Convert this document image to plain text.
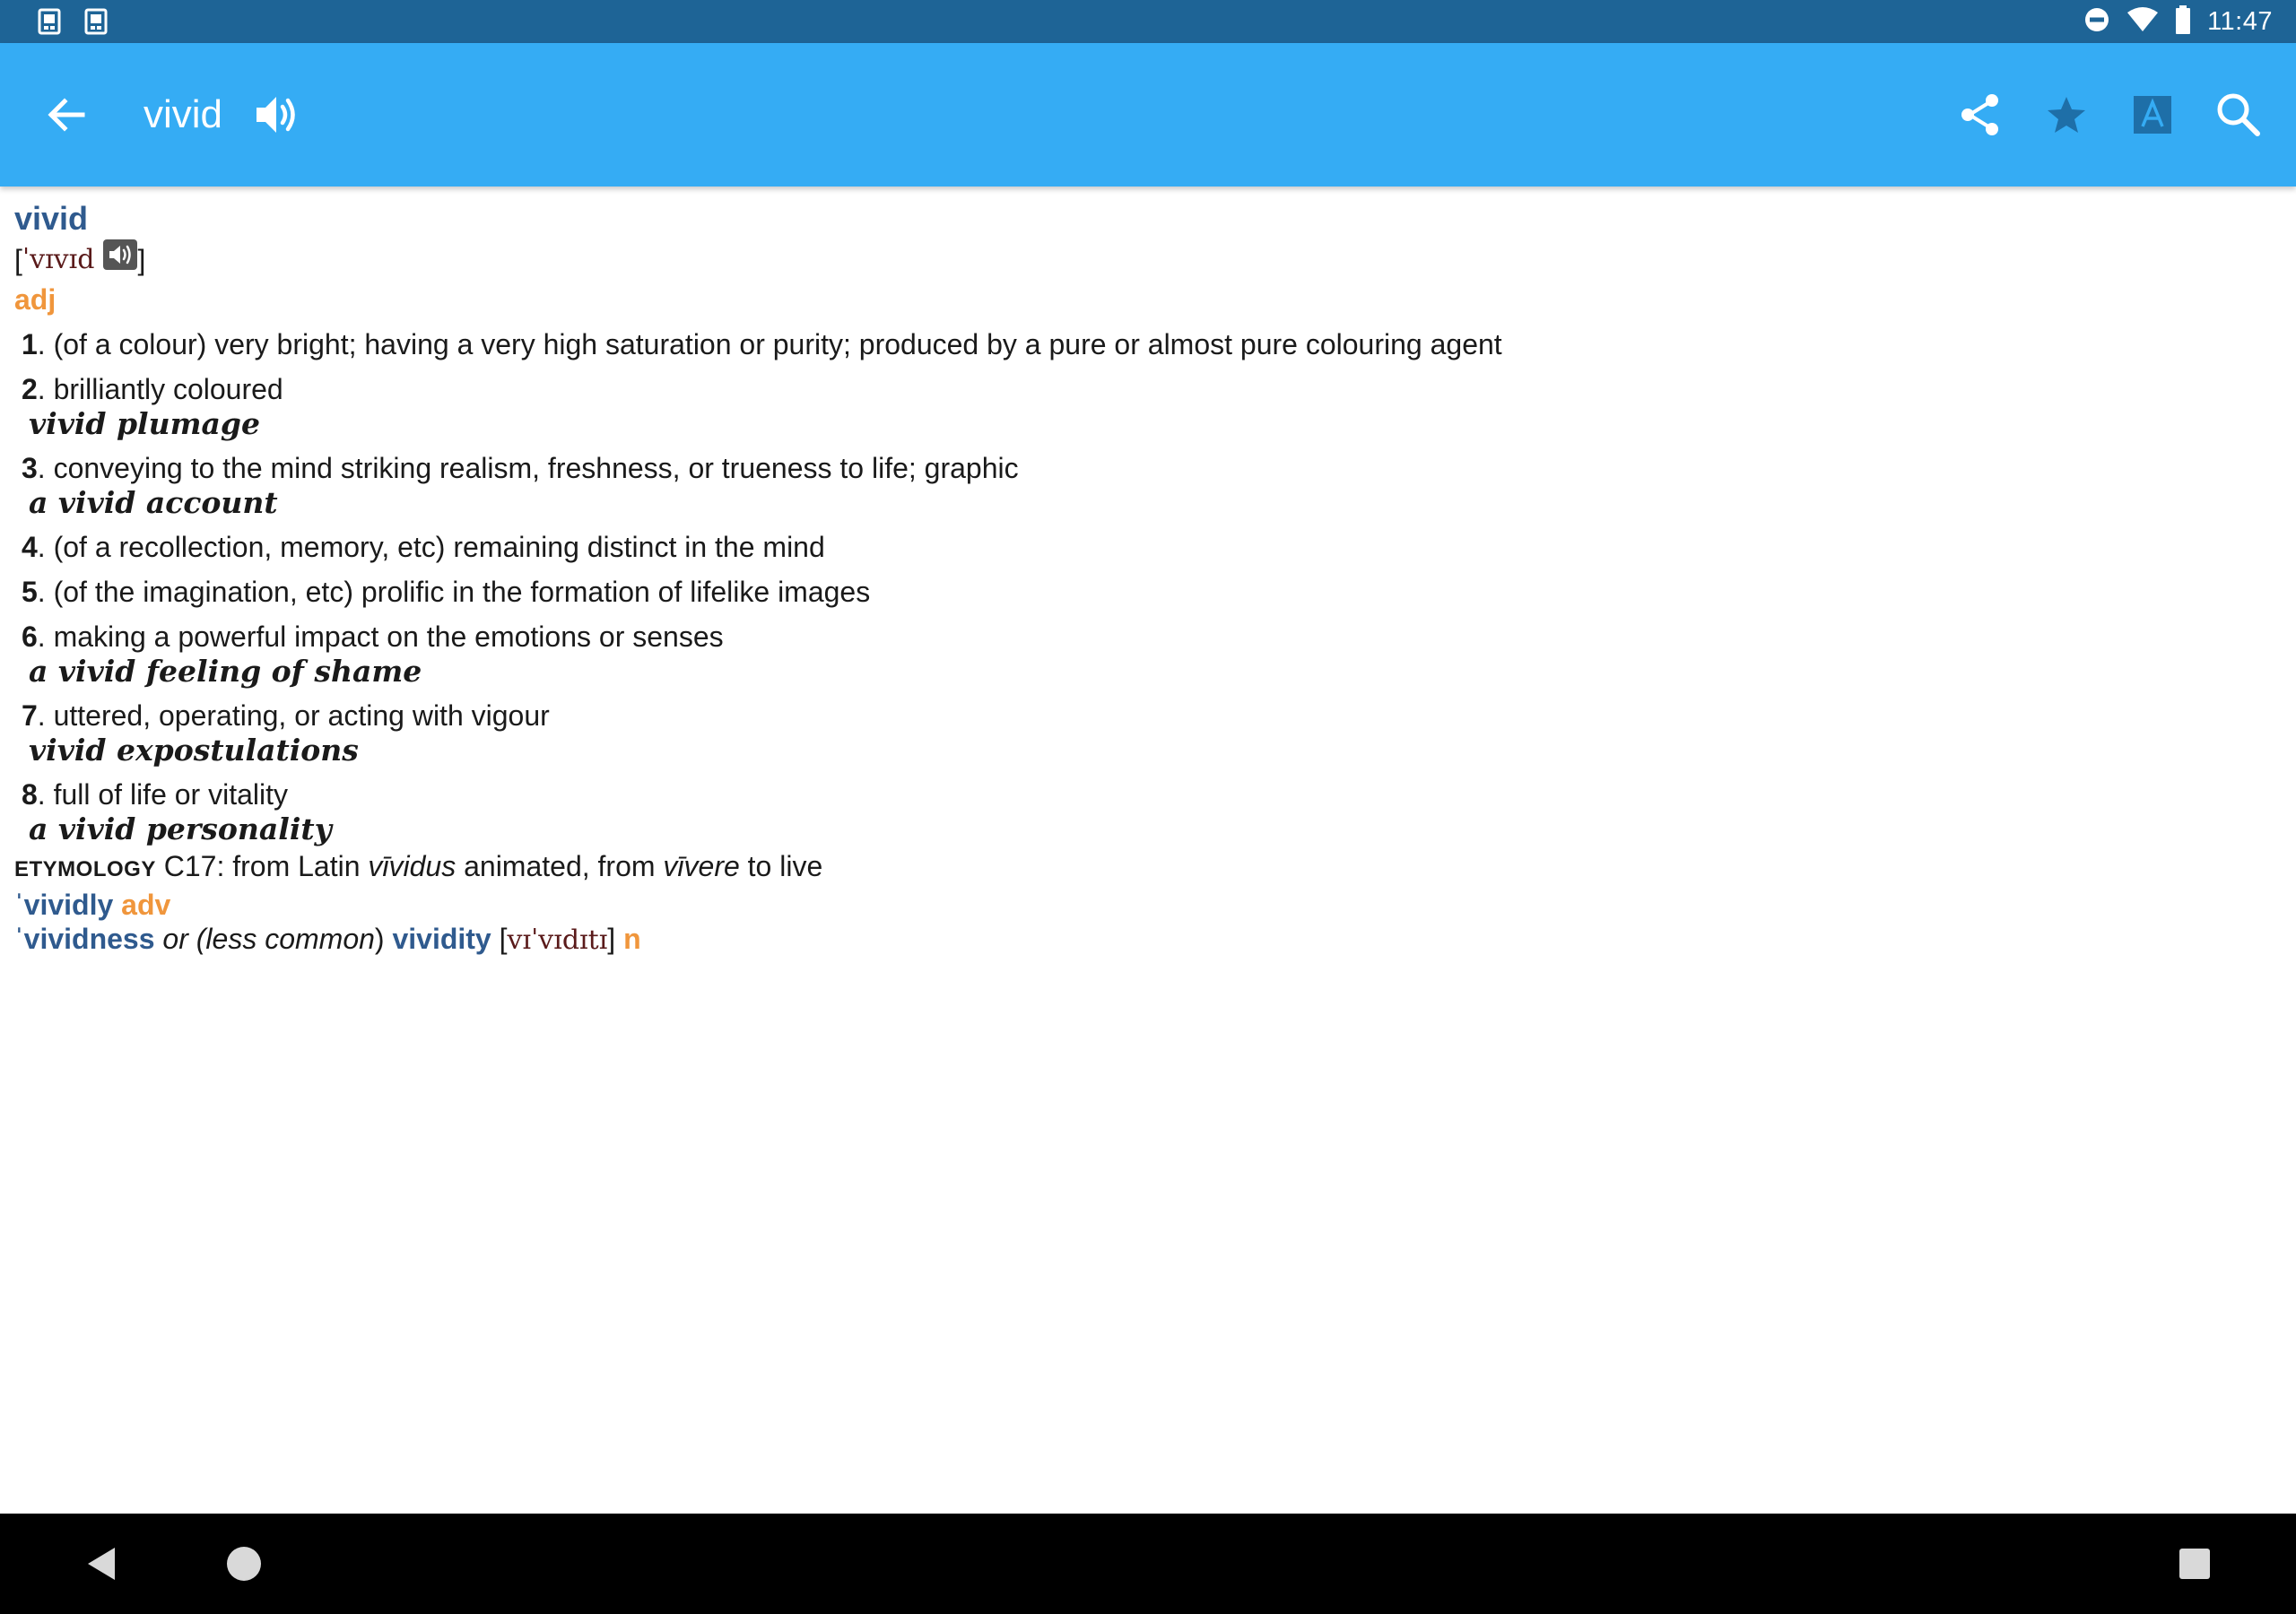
11:47
vivid
vivid
[ ˈvɪvɪd ]
adj
1. (of a colour) very bright; having a very high saturation or purity; produced by a pure or almost pure colouring agent
2. brilliantly coloured
vivid plumage
3. conveying to the mind striking realism, freshness, or trueness to life; graphic
a vivid account
4. (of a recollection, memory, etc) remaining distinct in the mind
5. (of the imagination, etc) prolific in the formation of lifelike images
6. making a powerful impact on the emotions or senses
a vivid feeling of shame
7. uttered, operating, or acting with vigour
vivid expostulations
8. full of life or vitality
a vivid personality
ETYMOLOGY C17: from Latin vīvidus animated, from vīvere to live
ˈvividly adv
ˈvividness or (less common) vividity [vɪˈvɪdɪtɪ] n
